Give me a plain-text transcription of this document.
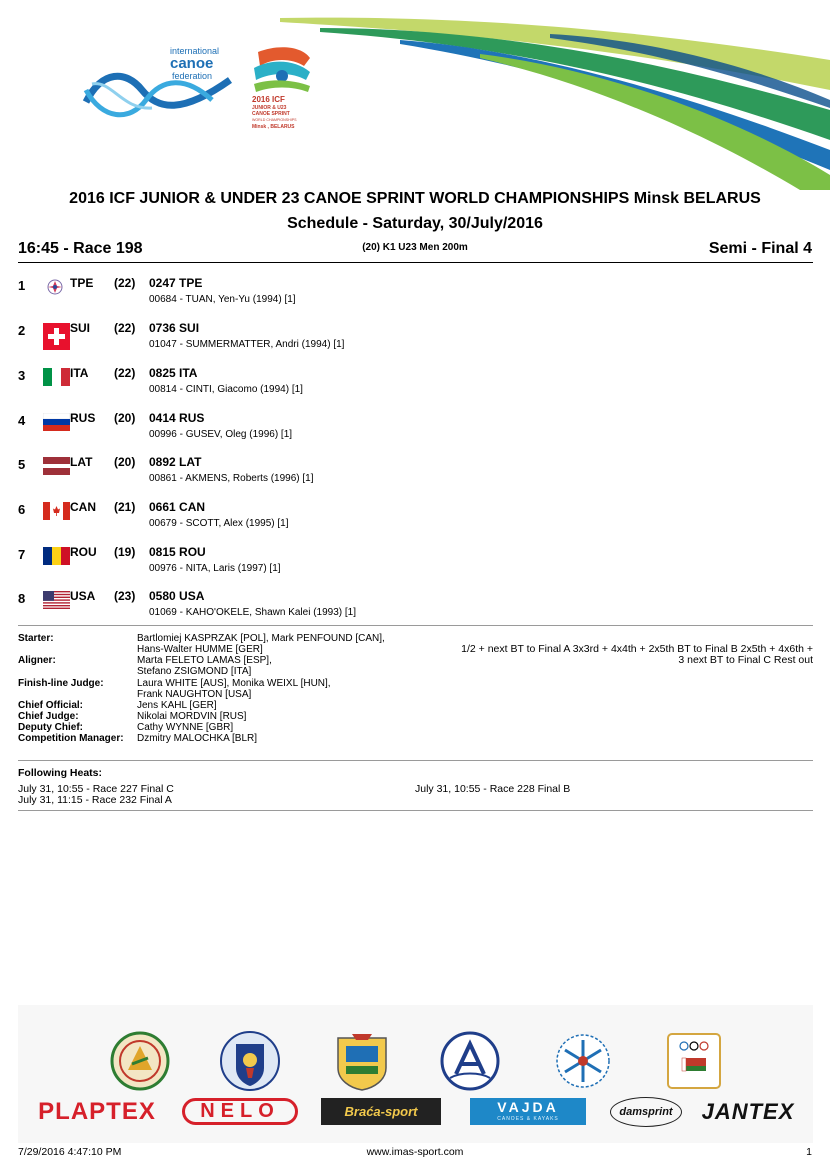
international
canoe
federation
2016 ICF
JUNIOR & U23
CANOE SPRINT
WORLD CHAMPIONSHIPS
Minsk , BELARUS
2016 ICF JUNIOR & UNDER 23 CANOE SPRINT WORLD CHAMPIONSHIPS Minsk BELARUS
Schedule - Saturday, 30/July/2016
16:45 - Race 198	(20) K1 U23 Men 200m	Semi - Final 4
1	TPE (22) 0247 TPE
00684 - TUAN, Yen-Yu (1994) [1]
2	SUI (22) 0736 SUI
01047 - SUMMERMATTER, Andri (1994) [1]
3	ITA (22) 0825 ITA
00814 - CINTI, Giacomo (1994) [1]
4	RUS (20) 0414 RUS
00996 - GUSEV, Oleg (1996) [1]
5	LAT (20) 0892 LAT
00861 - AKMENS, Roberts (1996) [1]
6	CAN (21) 0661 CAN
00679 - SCOTT, Alex (1995) [1]
7	ROU (19) 0815 ROU
00976 - NITA, Laris (1997) [1]
8	USA (23) 0580 USA
01069 - KAHO'OKELE, Shawn Kalei (1993) [1]
Starter:	Bartlomiej KASPRZAK [POL], Mark PENFOUND [CAN],
Hans-Walter HUMME [GER]
Aligner:	Marta FELETO LAMAS [ESP],
Stefano ZSIGMOND [ITA]
Finish-line Judge:	Laura WHITE [AUS], Monika WEIXL [HUN],
Frank NAUGHTON [USA]
Chief Official:	Jens KAHL [GER]
Chief Judge:	Nikolai MORDVIN [RUS]
Deputy Chief:	Cathy WYNNE [GBR]
Competition Manager: Dzmitry MALOCHKA [BLR]
1/2 + next BT to Final A 3x3rd + 4x4th + 2x5th BT to Final B 2x5th + 4x6th +
3 next BT to Final C Rest out
Following Heats:
July 31, 10:55 - Race 227 Final C
July 31, 11:15 - Race 232 Final A
July 31, 10:55 - Race 228 Final B
PLAPTEX	NELO	Braća-sport	VAJDA
CANOES & KAYAKS
damsprint	JANTEX
7/29/2016 4:47:10 PM	www.imas-sport.com	1
